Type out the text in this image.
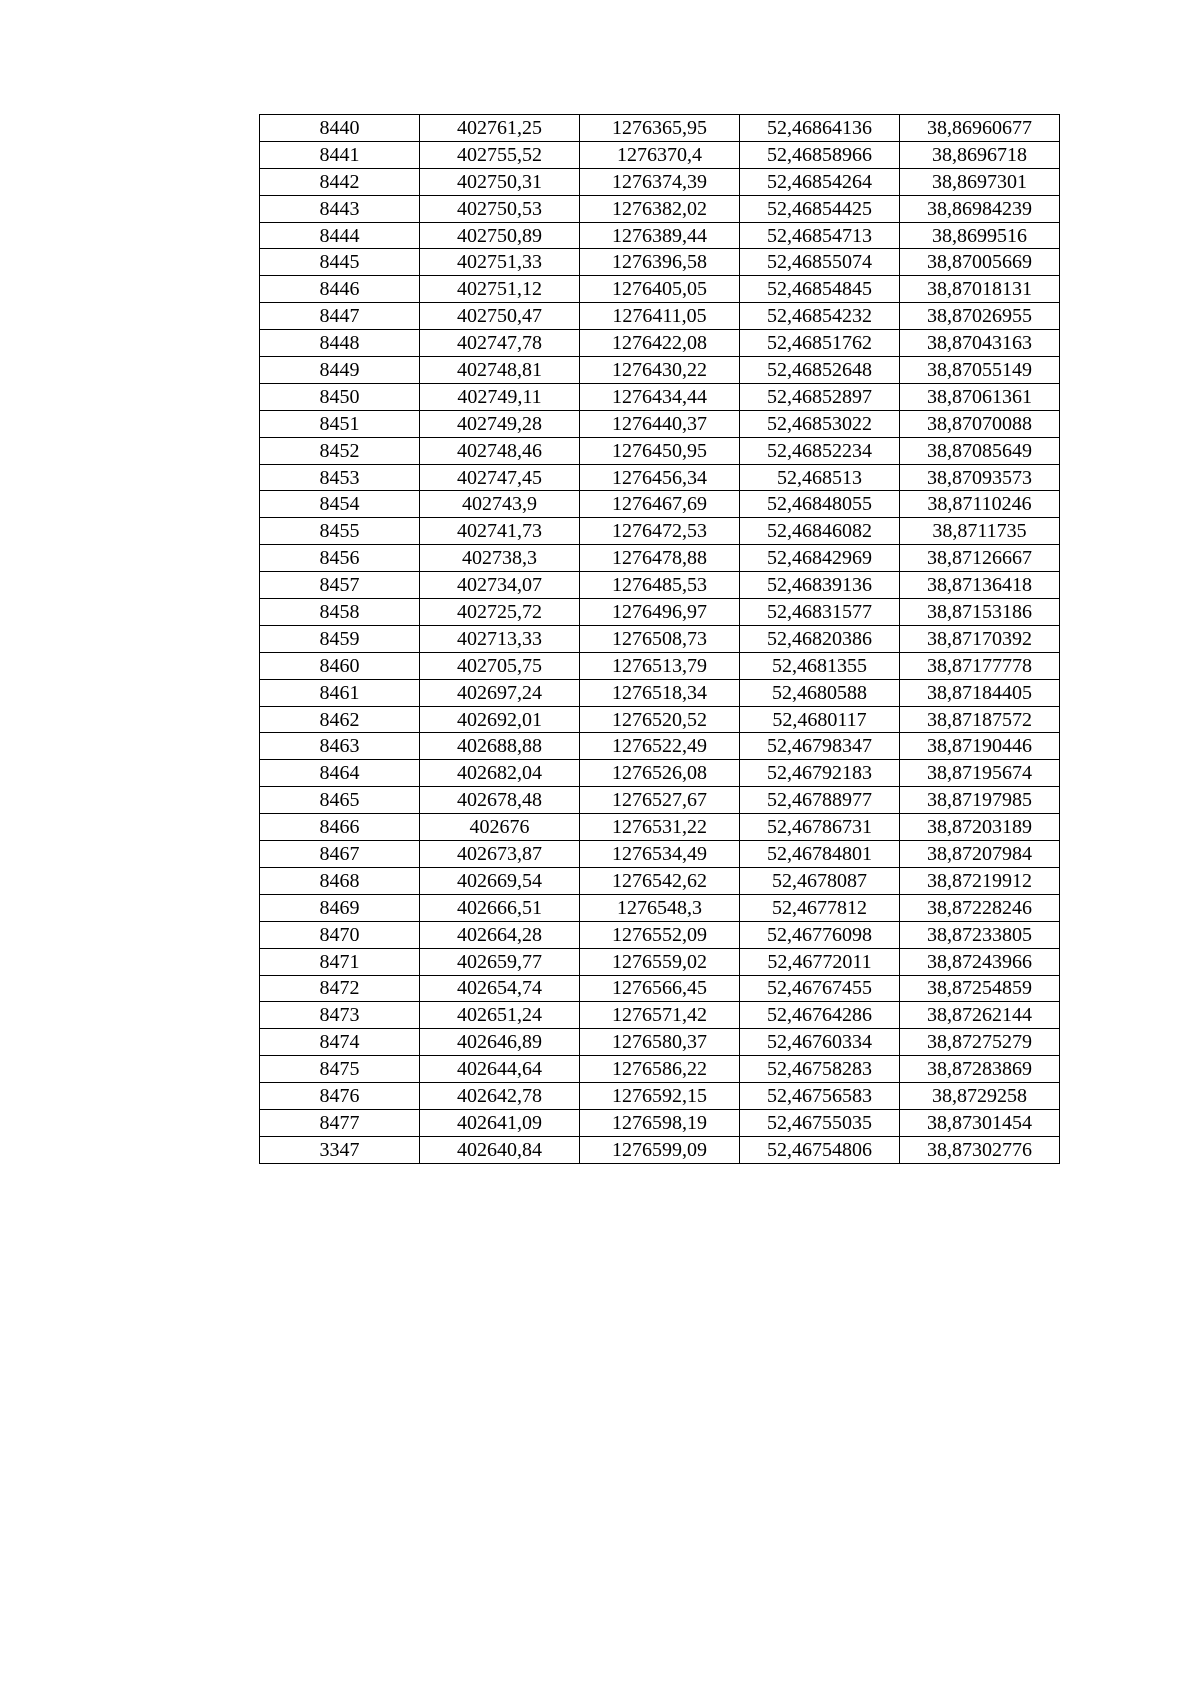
8440	402761,25	1276365,95	52,46864136	38,86960677
8441	402755,52	1276370,4	52,46858966	38,8696718
8442	402750,31	1276374,39	52,46854264	38,8697301
8443	402750,53	1276382,02	52,46854425	38,86984239
8444	402750,89	1276389,44	52,46854713	38,8699516
8445	402751,33	1276396,58	52,46855074	38,87005669
8446	402751,12	1276405,05	52,46854845	38,87018131
8447	402750,47	1276411,05	52,46854232	38,87026955
8448	402747,78	1276422,08	52,46851762	38,87043163
8449	402748,81	1276430,22	52,46852648	38,87055149
8450	402749,11	1276434,44	52,46852897	38,87061361
8451	402749,28	1276440,37	52,46853022	38,87070088
8452	402748,46	1276450,95	52,46852234	38,87085649
8453	402747,45	1276456,34	52,468513	38,87093573
8454	402743,9	1276467,69	52,46848055	38,87110246
8455	402741,73	1276472,53	52,46846082	38,8711735
8456	402738,3	1276478,88	52,46842969	38,87126667
8457	402734,07	1276485,53	52,46839136	38,87136418
8458	402725,72	1276496,97	52,46831577	38,87153186
8459	402713,33	1276508,73	52,46820386	38,87170392
8460	402705,75	1276513,79	52,4681355	38,87177778
8461	402697,24	1276518,34	52,4680588	38,87184405
8462	402692,01	1276520,52	52,4680117	38,87187572
8463	402688,88	1276522,49	52,46798347	38,87190446
8464	402682,04	1276526,08	52,46792183	38,87195674
8465	402678,48	1276527,67	52,46788977	38,87197985
8466	402676	1276531,22	52,46786731	38,87203189
8467	402673,87	1276534,49	52,46784801	38,87207984
8468	402669,54	1276542,62	52,4678087	38,87219912
8469	402666,51	1276548,3	52,4677812	38,87228246
8470	402664,28	1276552,09	52,46776098	38,87233805
8471	402659,77	1276559,02	52,46772011	38,87243966
8472	402654,74	1276566,45	52,46767455	38,87254859
8473	402651,24	1276571,42	52,46764286	38,87262144
8474	402646,89	1276580,37	52,46760334	38,87275279
8475	402644,64	1276586,22	52,46758283	38,87283869
8476	402642,78	1276592,15	52,46756583	38,8729258
8477	402641,09	1276598,19	52,46755035	38,87301454
3347	402640,84	1276599,09	52,46754806	38,87302776
